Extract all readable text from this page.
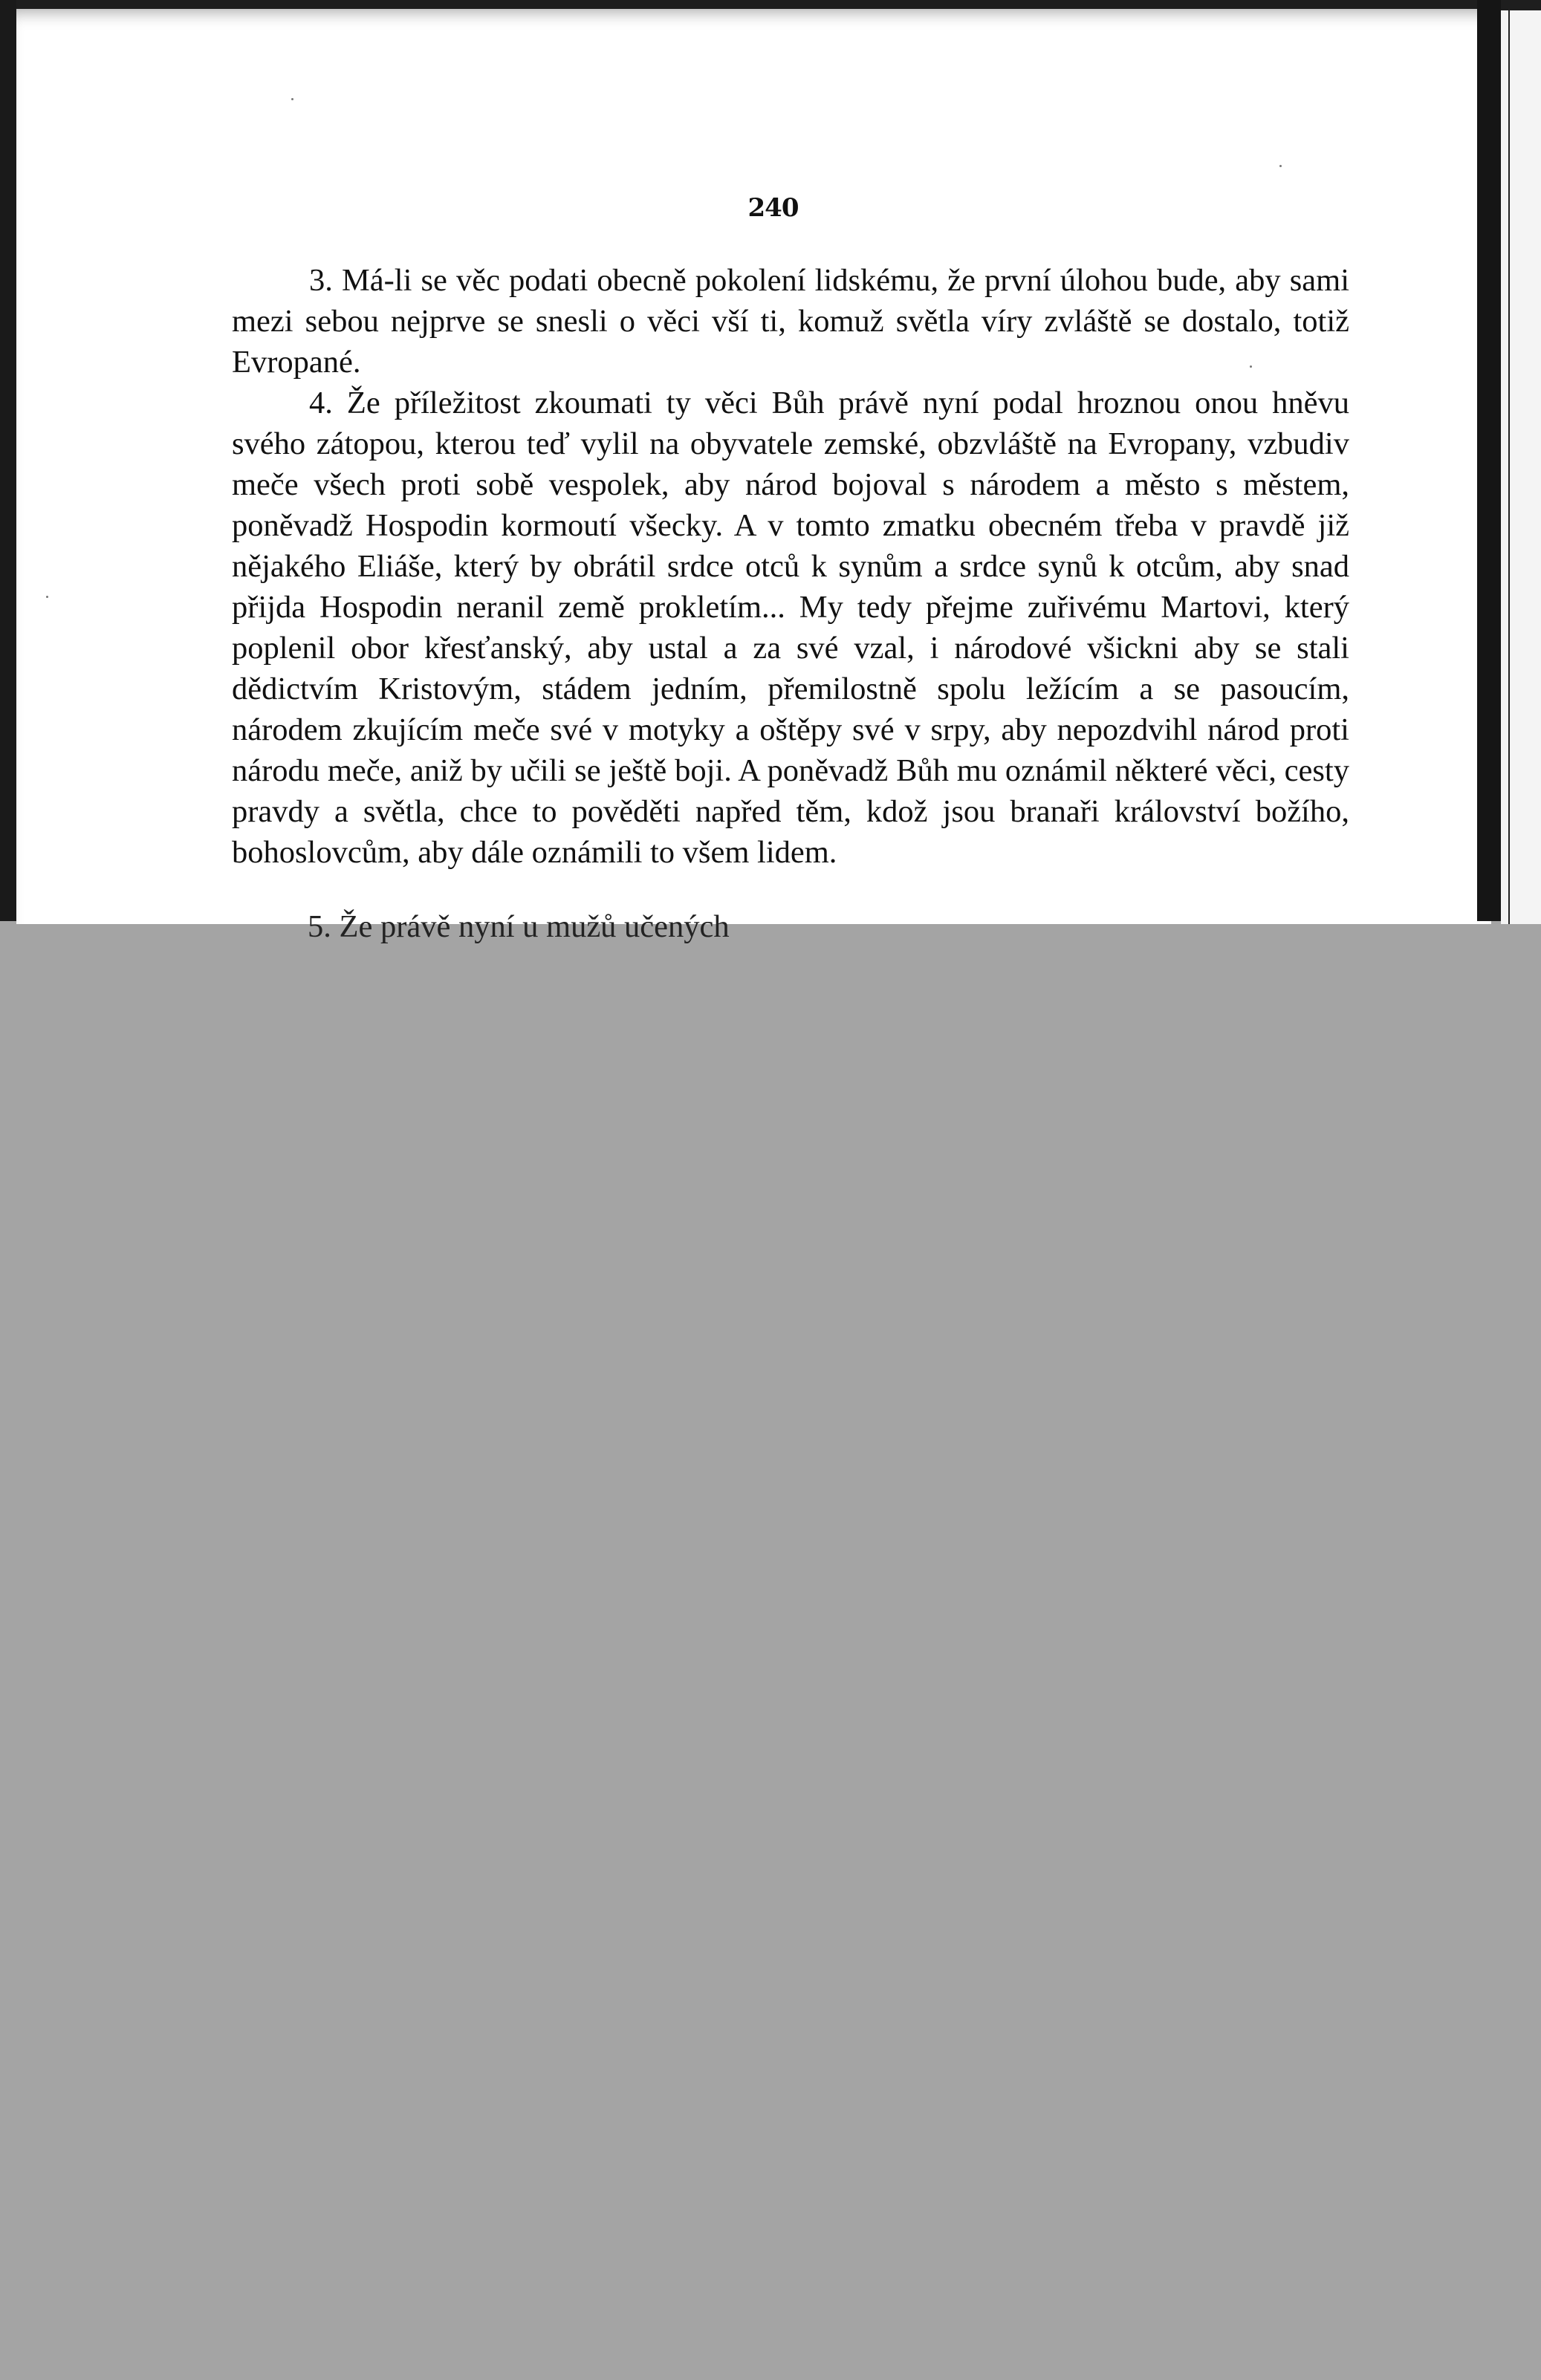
240

3. Má-li se věc podati obecně pokolení lidskému, že první úlohou bude, aby sami mezi sebou nejprve se snesli o věci vší ti, komuž světla víry zvláště se dostalo, totiž Evropané.

4. Že příležitost zkoumati ty věci Bůh právě nyní podal hroznou onou hněvu svého zátopou, kterou teď vylil na obyvatele zemské, obzvláště na Evropany, vzbudiv meče všech proti sobě vespolek, aby národ bojoval s národem a město s městem, poněvadž Hospodin kormoutí všecky. A v tomto zmatku obecném třeba v pravdě již nějakého Eliáše, který by obrátil srdce otců k synům a srdce synů k otcům, aby snad přijda Hospodin neranil země prokletím... My tedy přejme zuřivému Martovi, který poplenil obor křesťanský, aby ustal a za své vzal, i národové všickni aby se stali dědictvím Kristovým, stádem jedním, přemilostně spolu ležícím a se pasoucím, národem zkujícím meče své v motyky a oštěpy své v srpy, aby nepozdvihl národ proti národu meče, aniž by učili se ještě boji. A poněvadž Bůh mu oznámil některé věci, cesty pravdy a světla, chce to pověděti napřed těm, kdož jsou branaři království božího, bohoslovcům, aby dále oznámili to všem lidem.

5. Že právě nyní u mužů učených
